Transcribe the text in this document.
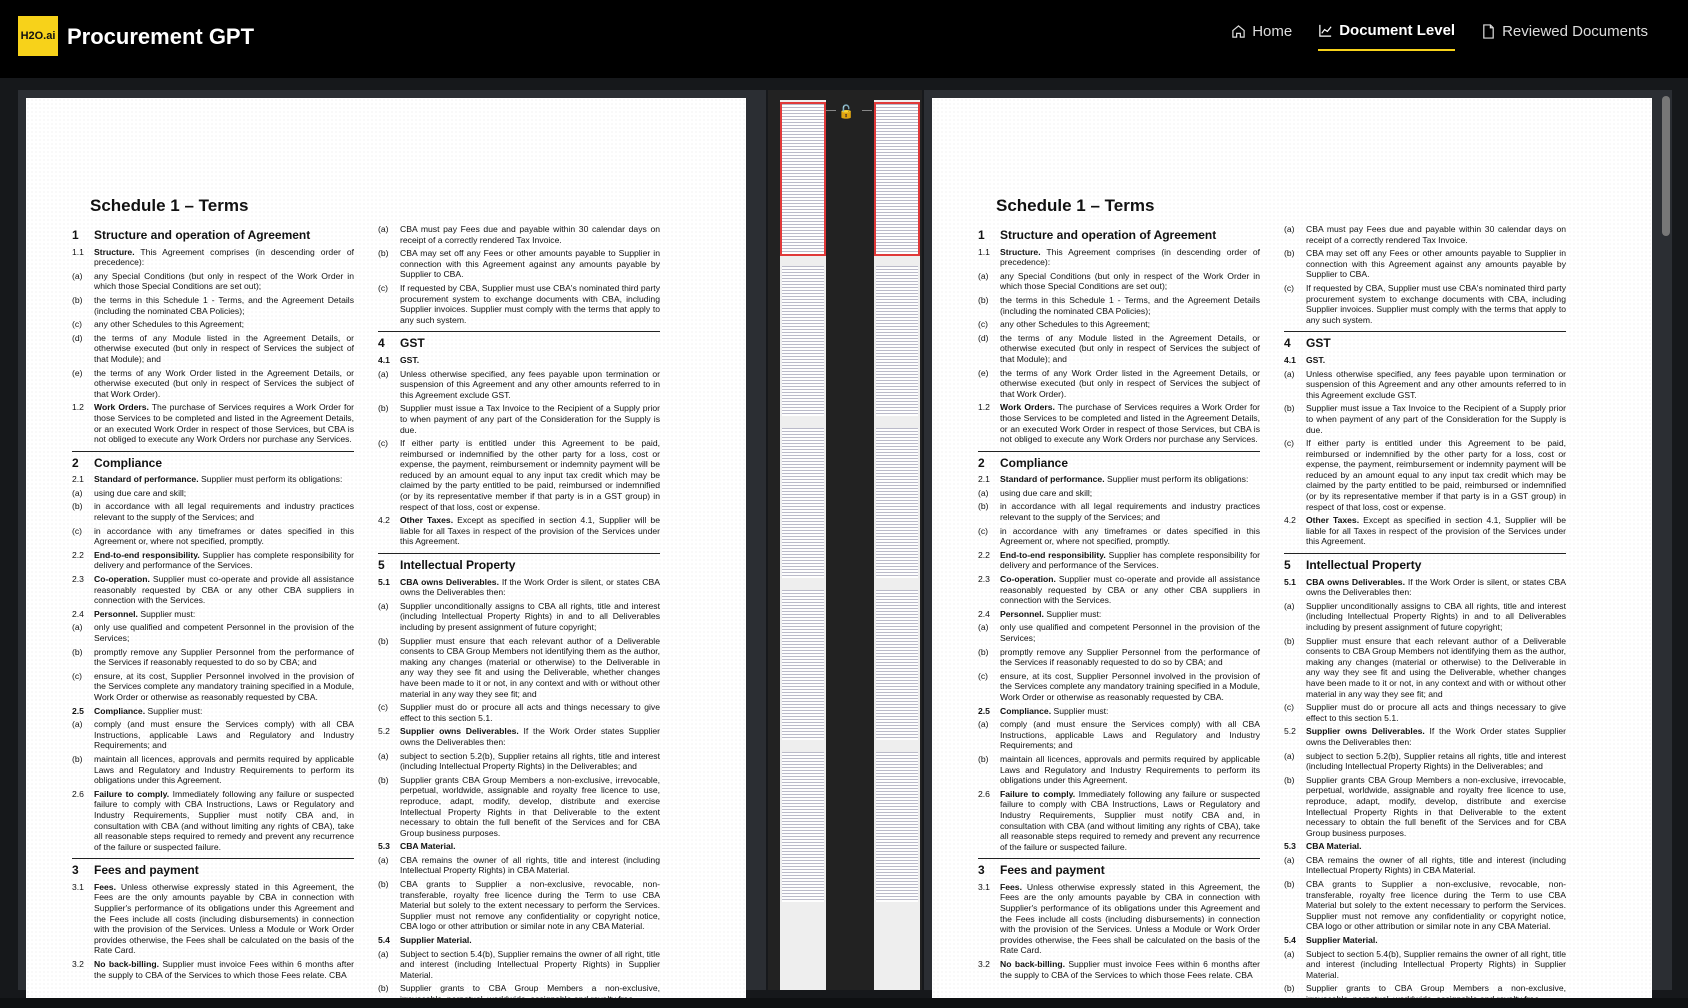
H2O.ai Procurement GPT	Home	Document Level	Reviewed Documents
Schedule 1 – Terms
1	Structure and operation of Agreement
1.1	Structure. This Agreement comprises (in descending order of precedence):
(a)	any Special Conditions (but only in respect of the Work Order in which those Special Conditions are set out);
(b)	the terms in this Schedule 1 - Terms, and the Agreement Details (including the nominated CBA Policies);
(c)	any other Schedules to this Agreement;
(d)	the terms of any Module listed in the Agreement Details, or otherwise executed (but only in respect of Services the subject of that Module); and
(e)	the terms of any Work Order listed in the Agreement Details, or otherwise executed (but only in respect of Services the subject of that Work Order).
1.2	Work Orders. The purchase of Services requires a Work Order for those Services to be completed and listed in the Agreement Details, or an executed Work Order in respect of those Services, but CBA is not obliged to execute any Work Orders nor purchase any Services.
2	Compliance
2.1	Standard of performance. Supplier must perform its obligations:
(a)	using due care and skill;
(b)	in accordance with all legal requirements and industry practices relevant to the supply of the Services; and
(c)	in accordance with any timeframes or dates specified in this Agreement or, where not specified, promptly.
2.2	End-to-end responsibility. Supplier has complete responsibility for delivery and performance of the Services.
2.3	Co-operation. Supplier must co-operate and provide all assistance reasonably requested by CBA or any other CBA suppliers in connection with the Services.
2.4	Personnel. Supplier must:
(a)	only use qualified and competent Personnel in the provision of the Services;
(b)	promptly remove any Supplier Personnel from the performance of the Services if reasonably requested to do so by CBA; and
(c)	ensure, at its cost, Supplier Personnel involved in the provision of the Services complete any mandatory training specified in a Module, Work Order or otherwise as reasonably requested by CBA.
2.5	Compliance. Supplier must:
(a)	comply (and must ensure the Services comply) with all CBA Instructions, applicable Laws and Regulatory and Industry Requirements; and
(b)	maintain all licences, approvals and permits required by applicable Laws and Regulatory and Industry Requirements to perform its obligations under this Agreement.
2.6	Failure to comply. Immediately following any failure or suspected failure to comply with CBA Instructions, Laws or Regulatory and Industry Requirements, Supplier must notify CBA and, in consultation with CBA (and without limiting any rights of CBA), take all reasonable steps required to remedy and prevent any recurrence of the failure or suspected failure.
3	Fees and payment
3.1	Fees. Unless otherwise expressly stated in this Agreement, the Fees are the only amounts payable by CBA in connection with Supplier's performance of its obligations under this Agreement and the Fees include all costs (including disbursements) in connection with the provision of the Services. Unless a Module or Work Order provides otherwise, the Fees shall be calculated on the basis of the Rate Card.
3.2	No back-billing. Supplier must invoice Fees within 6 months after the supply to CBA of the Services to which those Fees relate. CBA
(a)	CBA must pay Fees due and payable within 30 calendar days on receipt of a correctly rendered Tax Invoice.
(b)	CBA may set off any Fees or other amounts payable to Supplier in connection with this Agreement against any amounts payable by Supplier to CBA.
(c)	If requested by CBA, Supplier must use CBA's nominated third party procurement system to exchange documents with CBA, including Supplier invoices. Supplier must comply with the terms that apply to any such system.
4	GST
4.1	GST.
(a)	Unless otherwise specified, any fees payable upon termination or suspension of this Agreement and any other amounts referred to in this Agreement exclude GST.
(b)	Supplier must issue a Tax Invoice to the Recipient of a Supply prior to when payment of any part of the Consideration for the Supply is due.
(c)	If either party is entitled under this Agreement to be paid, reimbursed or indemnified by the other party for a loss, cost or expense, the payment, reimbursement or indemnity payment will be reduced by an amount equal to any input tax credit which may be claimed by the party entitled to be paid, reimbursed or indemnified (or by its representative member if that party is in a GST group) in respect of that loss, cost or expense.
4.2	Other Taxes. Except as specified in section 4.1, Supplier will be liable for all Taxes in respect of the provision of the Services under this Agreement.
5	Intellectual Property
5.1	CBA owns Deliverables. If the Work Order is silent, or states CBA owns the Deliverables then:
(a)	Supplier unconditionally assigns to CBA all rights, title and interest (including Intellectual Property Rights) in and to all Deliverables including by present assignment of future copyright;
(b)	Supplier must ensure that each relevant author of a Deliverable consents to CBA Group Members not identifying them as the author, making any changes (material or otherwise) to the Deliverable in any way they see fit and using the Deliverable, whether changes have been made to it or not, in any context and with or without other material in any way they see fit; and
(c)	Supplier must do or procure all acts and things necessary to give effect to this section 5.1.
5.2	Supplier owns Deliverables. If the Work Order states Supplier owns the Deliverables then:
(a)	subject to section 5.2(b), Supplier retains all rights, title and interest (including Intellectual Property Rights) in the Deliverables; and
(b)	Supplier grants CBA Group Members a non-exclusive, irrevocable, perpetual, worldwide, assignable and royalty free licence to use, reproduce, adapt, modify, develop, distribute and exercise Intellectual Property Rights in that Deliverable to the extent necessary to obtain the full benefit of the Services and for CBA Group business purposes.
5.3	CBA Material.
(a)	CBA remains the owner of all rights, title and interest (including Intellectual Property Rights) in CBA Material.
(b)	CBA grants to Supplier a non-exclusive, revocable, non-transferable, royalty free licence during the Term to use CBA Material but solely to the extent necessary to perform the Services. Supplier must not remove any confidentiality or copyright notice, CBA logo or other attribution or similar note in any CBA Material.
5.4	Supplier Material.
(a)	Subject to section 5.4(b), Supplier remains the owner of all right, title and interest (including Intellectual Property Rights) in Supplier Material.
(b)	Supplier grants to CBA Group Members a non-exclusive, irrevocable, perpetual, worldwide, assignable and royalty free
🔓
Schedule 1 – Terms
1	Structure and operation of Agreement
1.1	Structure. This Agreement comprises (in descending order of precedence):
(a)	any Special Conditions (but only in respect of the Work Order in which those Special Conditions are set out);
(b)	the terms in this Schedule 1 - Terms, and the Agreement Details (including the nominated CBA Policies);
(c)	any other Schedules to this Agreement;
(d)	the terms of any Module listed in the Agreement Details, or otherwise executed (but only in respect of Services the subject of that Module); and
(e)	the terms of any Work Order listed in the Agreement Details, or otherwise executed (but only in respect of Services the subject of that Work Order).
1.2	Work Orders. The purchase of Services requires a Work Order for those Services to be completed and listed in the Agreement Details, or an executed Work Order in respect of those Services, but CBA is not obliged to execute any Work Orders nor purchase any Services.
2	Compliance
2.1	Standard of performance. Supplier must perform its obligations:
(a)	using due care and skill;
(b)	in accordance with all legal requirements and industry practices relevant to the supply of the Services; and
(c)	in accordance with any timeframes or dates specified in this Agreement or, where not specified, promptly.
2.2	End-to-end responsibility. Supplier has complete responsibility for delivery and performance of the Services.
2.3	Co-operation. Supplier must co-operate and provide all assistance reasonably requested by CBA or any other CBA suppliers in connection with the Services.
2.4	Personnel. Supplier must:
(a)	only use qualified and competent Personnel in the provision of the Services;
(b)	promptly remove any Supplier Personnel from the performance of the Services if reasonably requested to do so by CBA; and
(c)	ensure, at its cost, Supplier Personnel involved in the provision of the Services complete any mandatory training specified in a Module, Work Order or otherwise as reasonably requested by CBA.
2.5	Compliance. Supplier must:
(a)	comply (and must ensure the Services comply) with all CBA Instructions, applicable Laws and Regulatory and Industry Requirements; and
(b)	maintain all licences, approvals and permits required by applicable Laws and Regulatory and Industry Requirements to perform its obligations under this Agreement.
2.6	Failure to comply. Immediately following any failure or suspected failure to comply with CBA Instructions, Laws or Regulatory and Industry Requirements, Supplier must notify CBA and, in consultation with CBA (and without limiting any rights of CBA), take all reasonable steps required to remedy and prevent any recurrence of the failure or suspected failure.
3	Fees and payment
3.1	Fees. Unless otherwise expressly stated in this Agreement, the Fees are the only amounts payable by CBA in connection with Supplier's performance of its obligations under this Agreement and the Fees include all costs (including disbursements) in connection with the provision of the Services. Unless a Module or Work Order provides otherwise, the Fees shall be calculated on the basis of the Rate Card.
3.2	No back-billing. Supplier must invoice Fees within 6 months after the supply to CBA of the Services to which those Fees relate. CBA
(a)	CBA must pay Fees due and payable within 30 calendar days on receipt of a correctly rendered Tax Invoice.
(b)	CBA may set off any Fees or other amounts payable to Supplier in connection with this Agreement against any amounts payable by Supplier to CBA.
(c)	If requested by CBA, Supplier must use CBA's nominated third party procurement system to exchange documents with CBA, including Supplier invoices. Supplier must comply with the terms that apply to any such system.
4	GST
4.1	GST.
(a)	Unless otherwise specified, any fees payable upon termination or suspension of this Agreement and any other amounts referred to in this Agreement exclude GST.
(b)	Supplier must issue a Tax Invoice to the Recipient of a Supply prior to when payment of any part of the Consideration for the Supply is due.
(c)	If either party is entitled under this Agreement to be paid, reimbursed or indemnified by the other party for a loss, cost or expense, the payment, reimbursement or indemnity payment will be reduced by an amount equal to any input tax credit which may be claimed by the party entitled to be paid, reimbursed or indemnified (or by its representative member if that party is in a GST group) in respect of that loss, cost or expense.
4.2	Other Taxes. Except as specified in section 4.1, Supplier will be liable for all Taxes in respect of the provision of the Services under this Agreement.
5	Intellectual Property
5.1	CBA owns Deliverables. If the Work Order is silent, or states CBA owns the Deliverables then:
(a)	Supplier unconditionally assigns to CBA all rights, title and interest (including Intellectual Property Rights) in and to all Deliverables including by present assignment of future copyright;
(b)	Supplier must ensure that each relevant author of a Deliverable consents to CBA Group Members not identifying them as the author, making any changes (material or otherwise) to the Deliverable in any way they see fit and using the Deliverable, whether changes have been made to it or not, in any context and with or without other material in any way they see fit; and
(c)	Supplier must do or procure all acts and things necessary to give effect to this section 5.1.
5.2	Supplier owns Deliverables. If the Work Order states Supplier owns the Deliverables then:
(a)	subject to section 5.2(b), Supplier retains all rights, title and interest (including Intellectual Property Rights) in the Deliverables; and
(b)	Supplier grants CBA Group Members a non-exclusive, irrevocable, perpetual, worldwide, assignable and royalty free licence to use, reproduce, adapt, modify, develop, distribute and exercise Intellectual Property Rights in that Deliverable to the extent necessary to obtain the full benefit of the Services and for CBA Group business purposes.
5.3	CBA Material.
(a)	CBA remains the owner of all rights, title and interest (including Intellectual Property Rights) in CBA Material.
(b)	CBA grants to Supplier a non-exclusive, revocable, non-transferable, royalty free licence during the Term to use CBA Material but solely to the extent necessary to perform the Services. Supplier must not remove any confidentiality or copyright notice, CBA logo or other attribution or similar note in any CBA Material.
5.4	Supplier Material.
(a)	Subject to section 5.4(b), Supplier remains the owner of all right, title and interest (including Intellectual Property Rights) in Supplier Material.
(b)	Supplier grants to CBA Group Members a non-exclusive, irrevocable, perpetual, worldwide, assignable and royalty free
